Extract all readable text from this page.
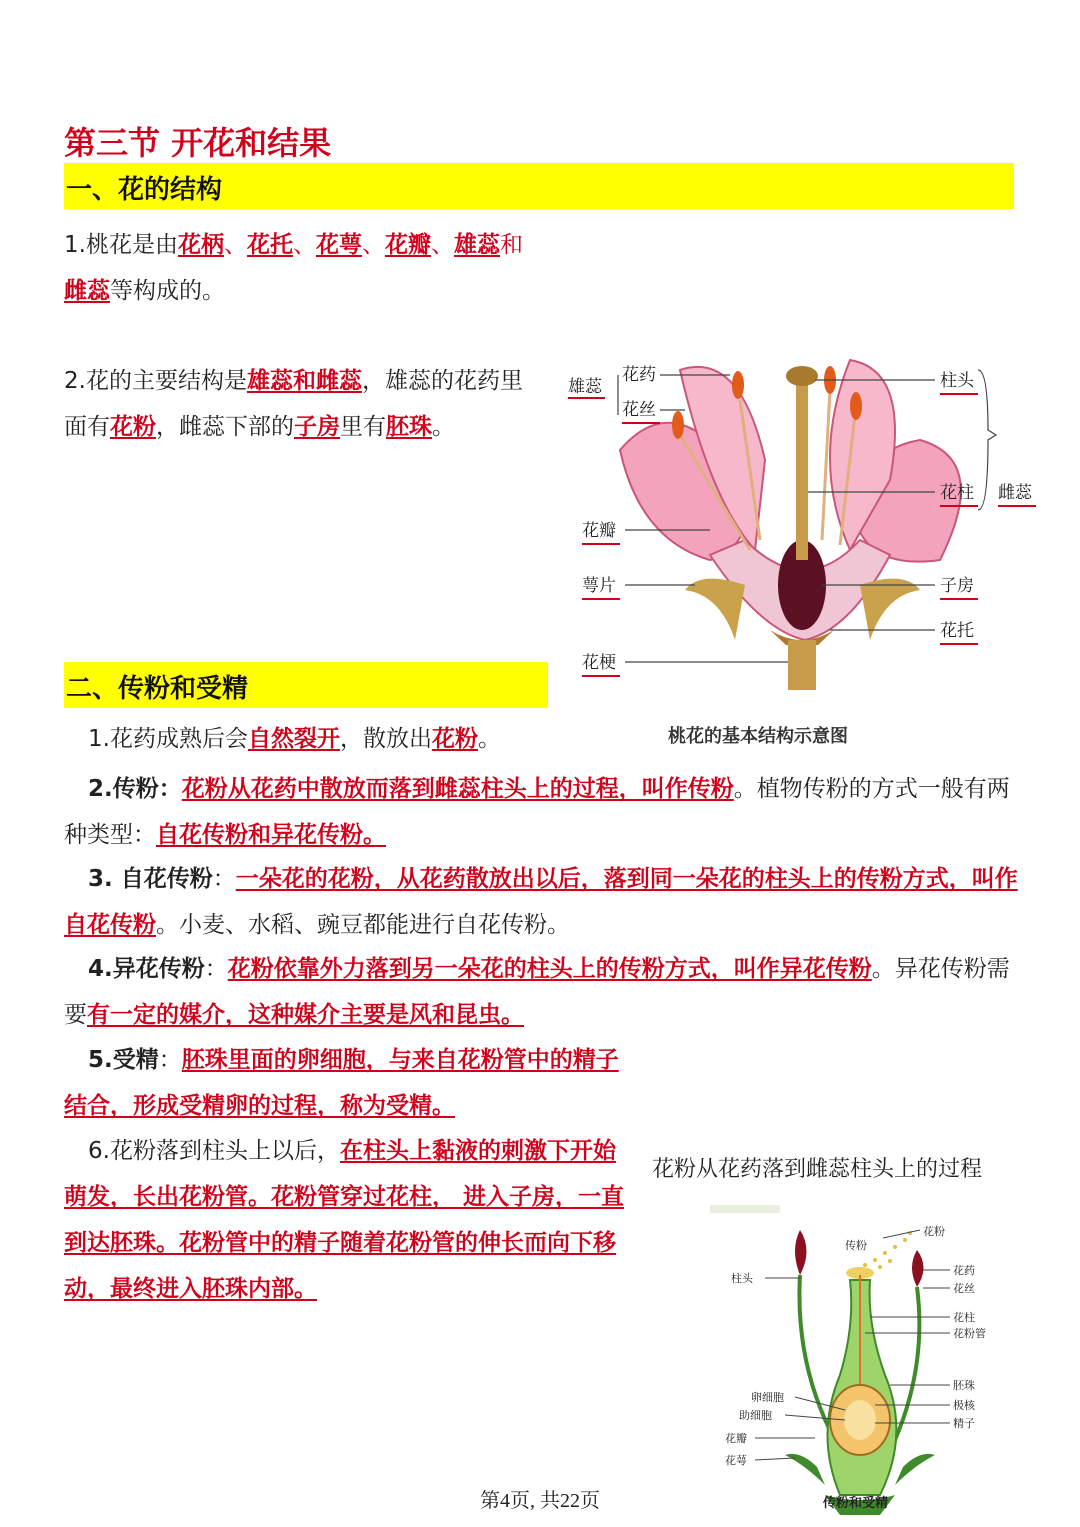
第三节 开花和结果
一、花的结构
1.桃花是由花柄、花托、花萼、花瓣、雄蕊和雌蕊等构成的。
2.花的主要结构是雄蕊和雌蕊，雄蕊的花药里面有花粉，雌蕊下部的子房里有胚珠。
雄蕊
花药
花丝
柱头
花柱 雌蕊
花瓣
萼片	子房
花托
花梗
桃花的基本结构示意图
二、传粉和受精
1.花药成熟后会自然裂开，散放出花粉。
2.传粉：花粉从花药中散放而落到雌蕊柱头上的过程，叫作传粉。植物传粉的方式一般有两种类型：自花传粉和异花传粉。
3. 自花传粉：一朵花的花粉，从花药散放出以后，落到同一朵花的柱头上的传粉方式，叫作自花传粉。小麦、水稻、豌豆都能进行自花传粉。
4.异花传粉：花粉依靠外力落到另一朵花的柱头上的传粉方式，叫作异花传粉。异花传粉需要有一定的媒介，这种媒介主要是风和昆虫。
5.受精：胚珠里面的卵细胞，与来自花粉管中的精子结合，形成受精卵的过程，称为受精。
6.花粉落到柱头上以后，在柱头上黏液的刺激下开始萌发，长出花粉管。花粉管穿过花柱， 进入子房，一直到达胚珠。花粉管中的精子随着花粉管的伸长而向下移动，最终进入胚珠内部。
花粉从花药落到雌蕊柱头上的过程
花粉
传粉
柱头
花药
花丝
花柱
花粉管
胚珠
极核
精子
卵细胞
助细胞
花瓣
花萼
传粉和受精
第4页, 共22页
